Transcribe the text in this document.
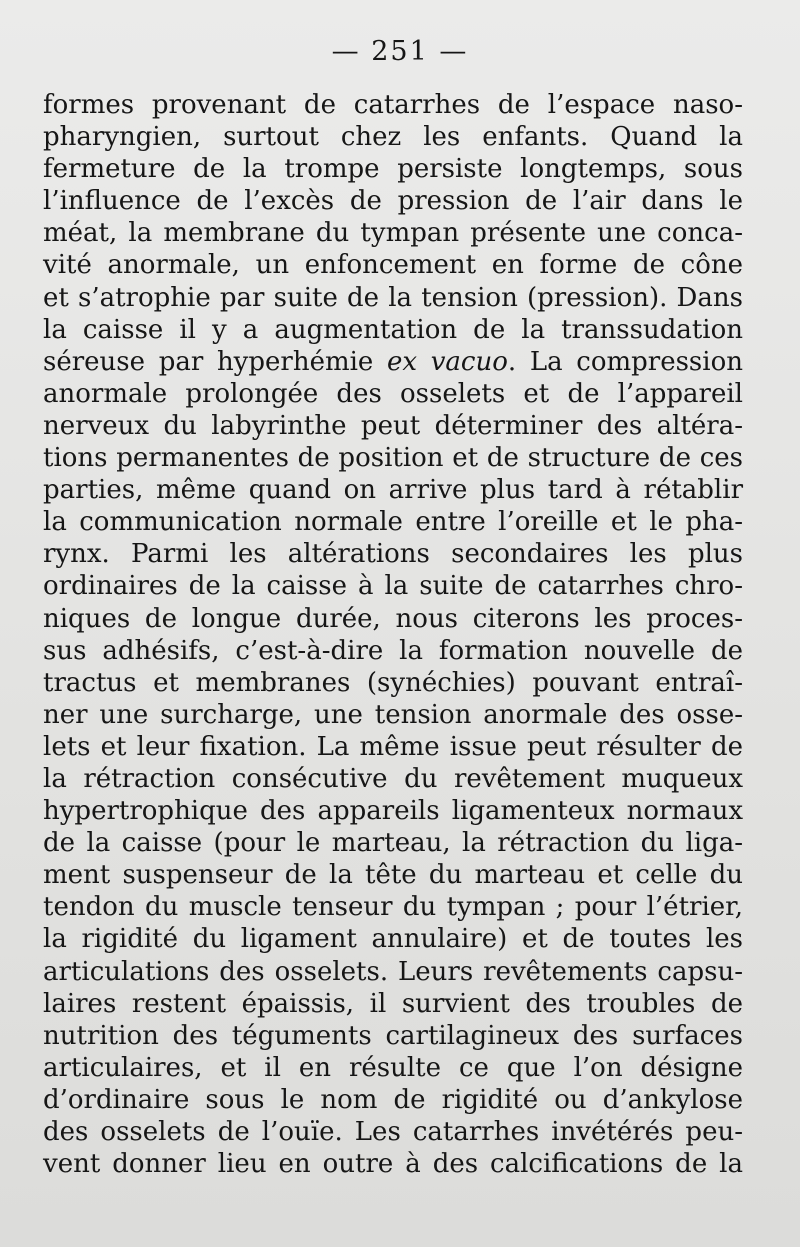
— 251 —
formes provenant de catarrhes de l’espace naso-
pharyngien, surtout chez les enfants. Quand la
fermeture de la trompe persiste longtemps, sous
l’influence de l’excès de pression de l’air dans le
méat, la membrane du tympan présente une conca-
vité anormale, un enfoncement en forme de cône
et s’atrophie par suite de la tension (pression). Dans
la caisse il y a augmentation de la transsudation
séreuse par hyperhémie ex vacuo. La compression
anormale prolongée des osselets et de l’appareil
nerveux du labyrinthe peut déterminer des altéra-
tions permanentes de position et de structure de ces
parties, même quand on arrive plus tard à rétablir
la communication normale entre l’oreille et le pha-
rynx. Parmi les altérations secondaires les plus
ordinaires de la caisse à la suite de catarrhes chro-
niques de longue durée, nous citerons les proces-
sus adhésifs, c’est-à-dire la formation nouvelle de
tractus et membranes (synéchies) pouvant entraî-
ner une surcharge, une tension anormale des osse-
lets et leur fixation. La même issue peut résulter de
la rétraction consécutive du revêtement muqueux
hypertrophique des appareils ligamenteux normaux
de la caisse (pour le marteau, la rétraction du liga-
ment suspenseur de la tête du marteau et celle du
tendon du muscle tenseur du tympan ; pour l’étrier,
la rigidité du ligament annulaire) et de toutes les
articulations des osselets. Leurs revêtements capsu-
laires restent épaissis, il survient des troubles de
nutrition des téguments cartilagineux des surfaces
articulaires, et il en résulte ce que l’on désigne
d’ordinaire sous le nom de rigidité ou d’ankylose
des osselets de l’ouïe. Les catarrhes invétérés peu-
vent donner lieu en outre à des calcifications de la
